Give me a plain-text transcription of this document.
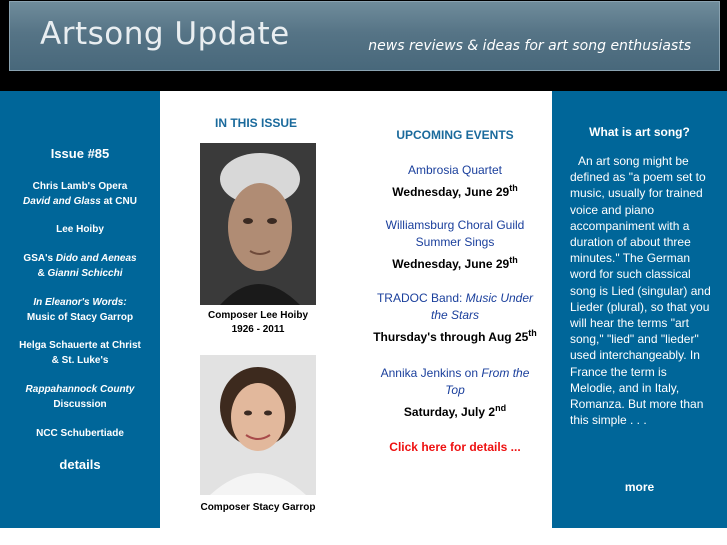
Artsong Update	news reviews & ideas for art song enthusiasts
Issue #85
Chris Lamb's Opera
David and Glass at CNU
Lee Hoiby
GSA's Dido and Aeneas
& Gianni Schicchi
In Eleanor's Words:
Music of Stacy Garrop
Helga Schauerte at Christ
& St. Luke's
Rappahannock County
Discussion
NCC Schubertiade
details
IN THIS ISSUE
Composer Lee Hoiby
1926 - 2011
Composer Stacy Garrop
UPCOMING EVENTS
Ambrosia Quartet
Wednesday, June 29th
Williamsburg Choral Guild
Summer Sings
Wednesday, June 29th
TRADOC Band: Music Under
the Stars
Thursday's through Aug 25th
Annika Jenkins on From the
Top
Saturday, July 2nd
Click here for details ...
What is art song?
An art song might be defined as "a poem set to music, usually for trained voice and piano accompaniment with a duration of about three minutes." The German word for such classical song is Lied (singular) and Lieder (plural), so that you will hear the terms "art song," "lied" and "lieder" used interchangeably. In France the term is Melodie, and in Italy, Romanza. But more than this simple . . .
more
